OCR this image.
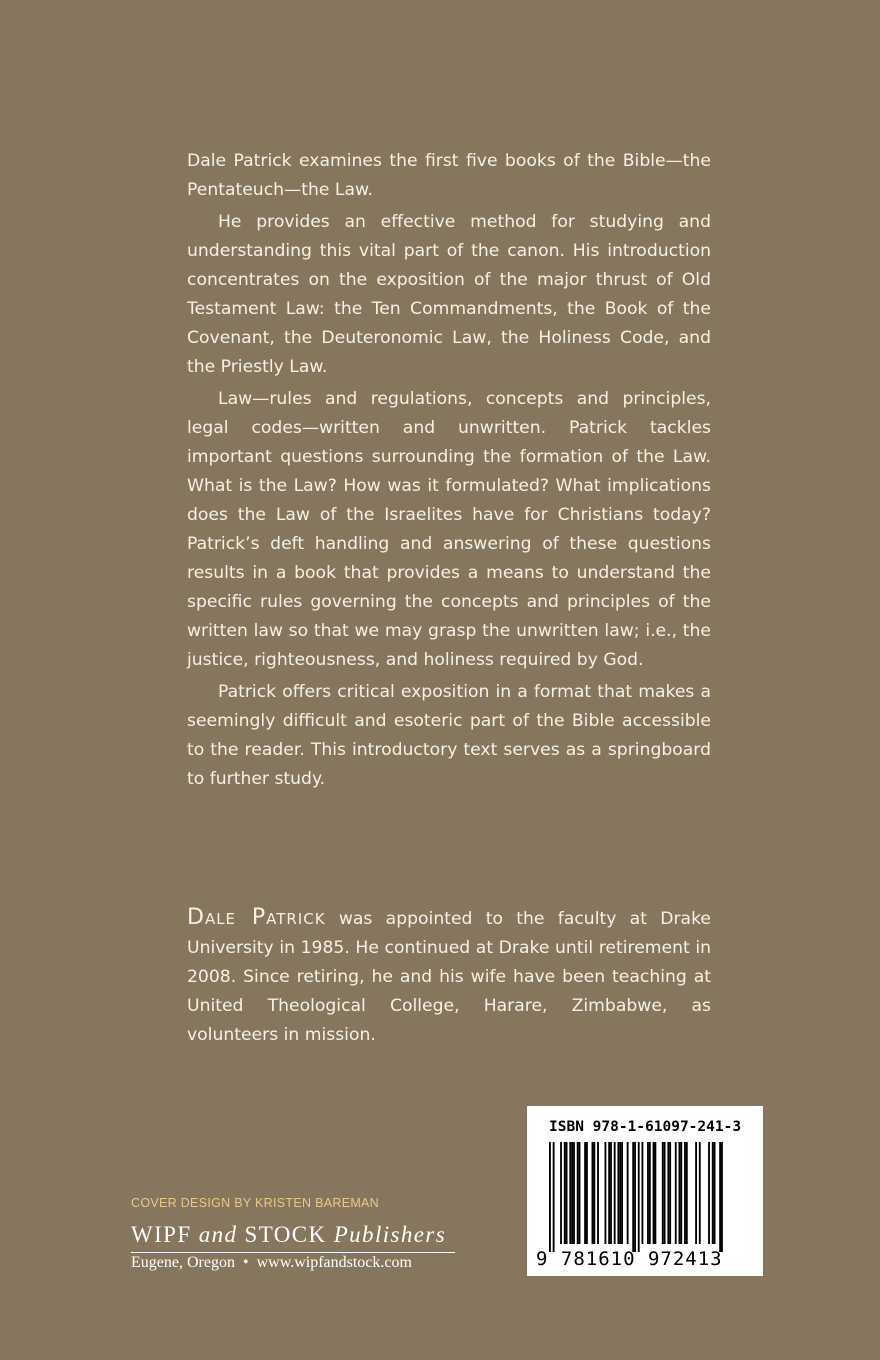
Dale Patrick examines the first five books of the Bible—the Pentateuch—the Law.

He provides an effective method for studying and understanding this vital part of the canon. His introduction concentrates on the exposition of the major thrust of Old Testament Law: the Ten Commandments, the Book of the Covenant, the Deuteronomic Law, the Holiness Code, and the Priestly Law.

Law—rules and regulations, concepts and principles, legal codes—written and unwritten. Patrick tackles important questions surrounding the formation of the Law. What is the Law? How was it formulated? What implications does the Law of the Israelites have for Christians today? Patrick’s deft handling and answering of these questions results in a book that provides a means to understand the specific rules governing the concepts and principles of the written law so that we may grasp the unwritten law; i.e., the justice, righteousness, and holiness required by God.

Patrick offers critical exposition in a format that makes a seemingly difficult and esoteric part of the Bible accessible to the reader. This introductory text serves as a springboard to further study.

Dale Patrick was appointed to the faculty at Drake University in 1985. He continued at Drake until retirement in 2008. Since retiring, he and his wife have been teaching at United Theological College, Harare, Zimbabwe, as volunteers in mission.
COVER DESIGN BY KRISTEN BAREMAN
WIPF and STOCK Publishers
Eugene, Oregon • www.wipfandstock.com
ISBN 978-1-61097-241-3
9 781610 972413
